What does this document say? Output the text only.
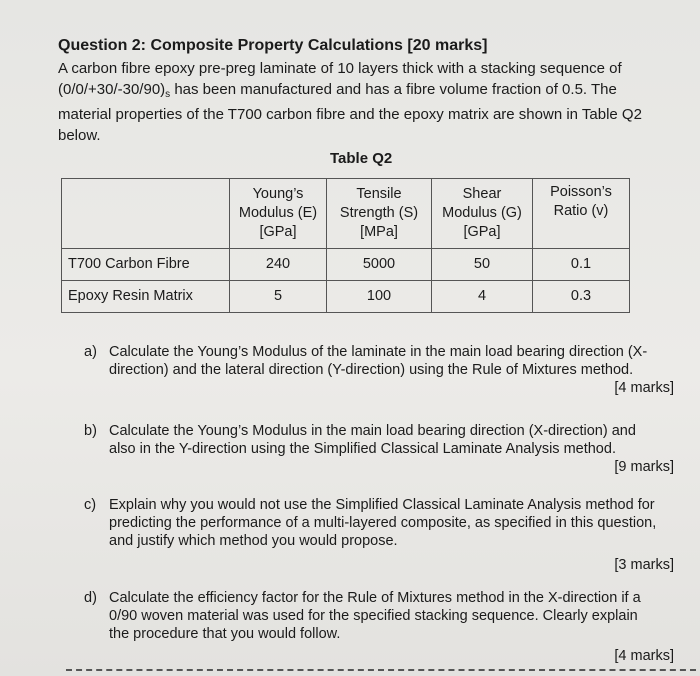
Question 2: Composite Property Calculations [20 marks]
A carbon fibre epoxy pre-preg laminate of 10 layers thick with a stacking sequence of
$(0/0/+30/-30/90)_s$ has been manufactured and has a fibre volume fraction of 0.5. The
material properties of the T700 carbon fibre and the epoxy matrix are shown in Table Q2
below.
Table Q2

	Young’s
Modulus (E)
[GPa]	Tensile
Strength (S)
[MPa]	Shear
Modulus (G)
[GPa]	Poisson’s
Ratio (v)

T700 Carbon Fibre	240	5000	50	0.1
Epoxy Resin Matrix	5	100	4	0.3
a) Calculate the Young’s Modulus of the laminate in the main load bearing direction (X-
direction) and the lateral direction (Y-direction) using the Rule of Mixtures method.
[4 marks]
b) Calculate the Young’s Modulus in the main load bearing direction (X-direction) and
also in the Y-direction using the Simplified Classical Laminate Analysis method.
[9 marks]
c) Explain why you would not use the Simplified Classical Laminate Analysis method for
predicting the performance of a multi-layered composite, as specified in this question,
and justify which method you would propose.
[3 marks]
d) Calculate the efficiency factor for the Rule of Mixtures method in the X-direction if a
0/90 woven material was used for the specified stacking sequence. Clearly explain
the procedure that you would follow.
[4 marks]
